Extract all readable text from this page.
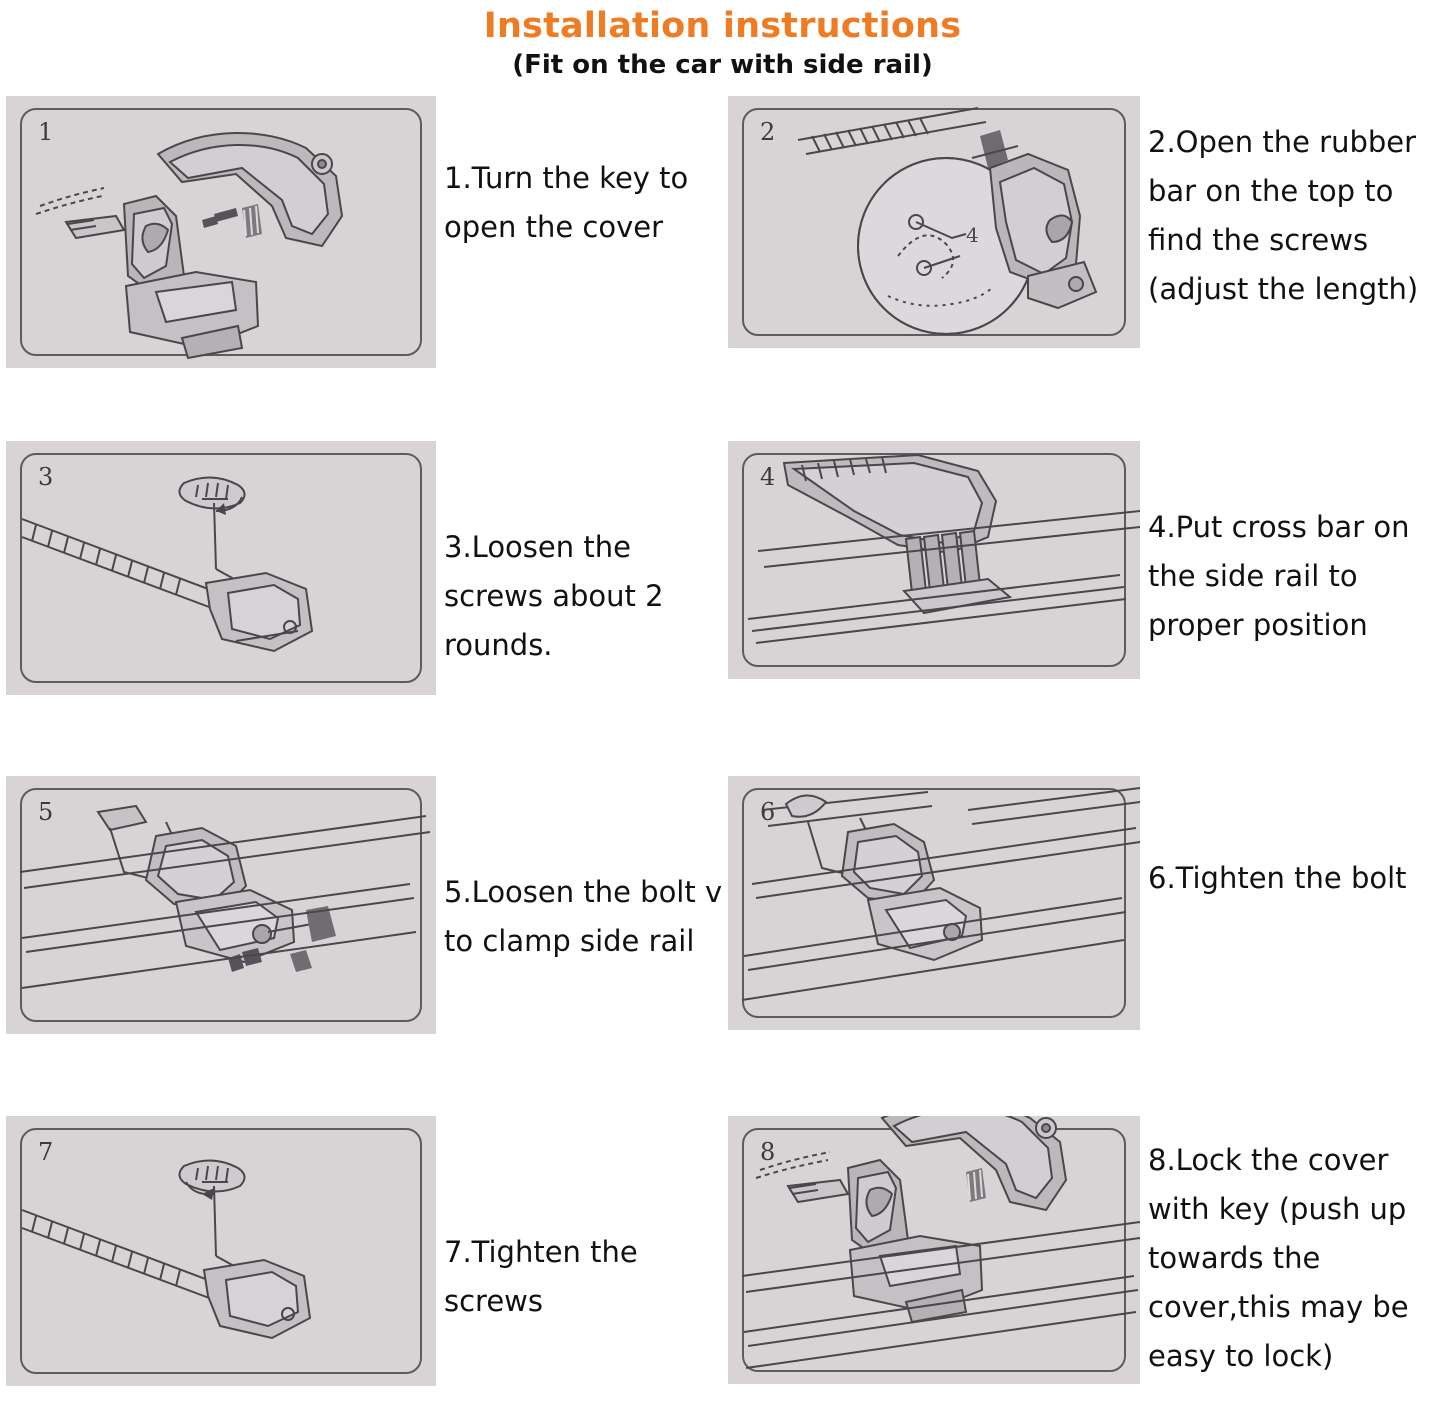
Installation instructions
(Fit on the car with side rail)
1
1.Turn the key to open the cover
2
4
2.Open the rubber bar on the top to find the screws (adjust the length)
3
3.Loosen the screws about 2 rounds.
4
4.Put cross bar on the side rail to proper position
5
5.Loosen the bolt v to clamp side rail
6
6.Tighten the bolt
7
7.Tighten the screws
8	8.Lock the cover with key (push up towards the cover,this may be easy to lock)
